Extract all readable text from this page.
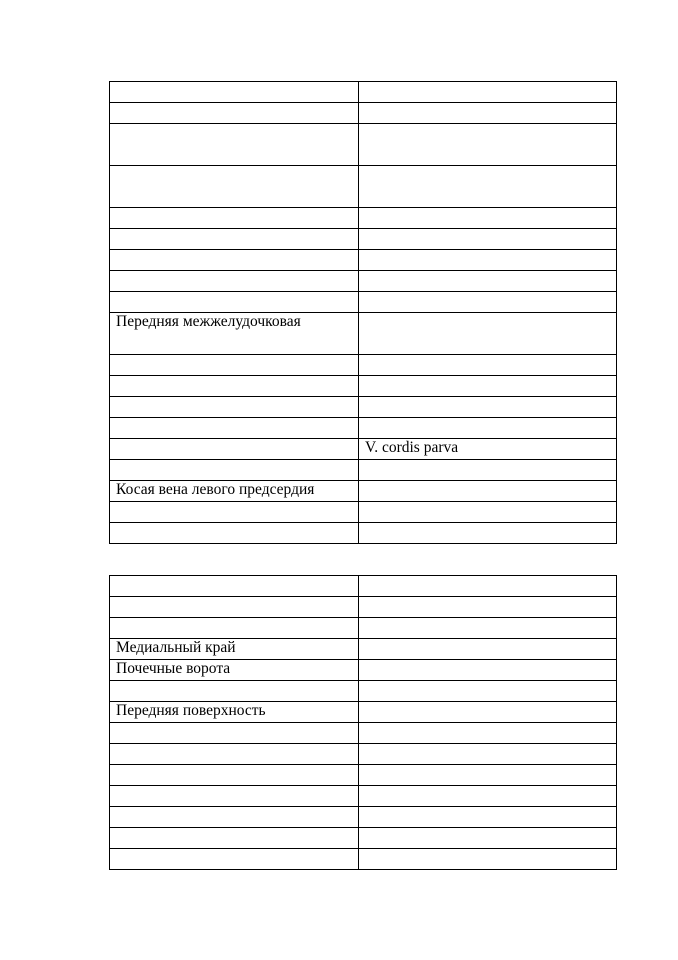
Передняя межжелудочковая	

	V. cordis parva

Косая вена левого предсердия	

Медиальный край	
Почечные ворота	

Передняя поверхность	
